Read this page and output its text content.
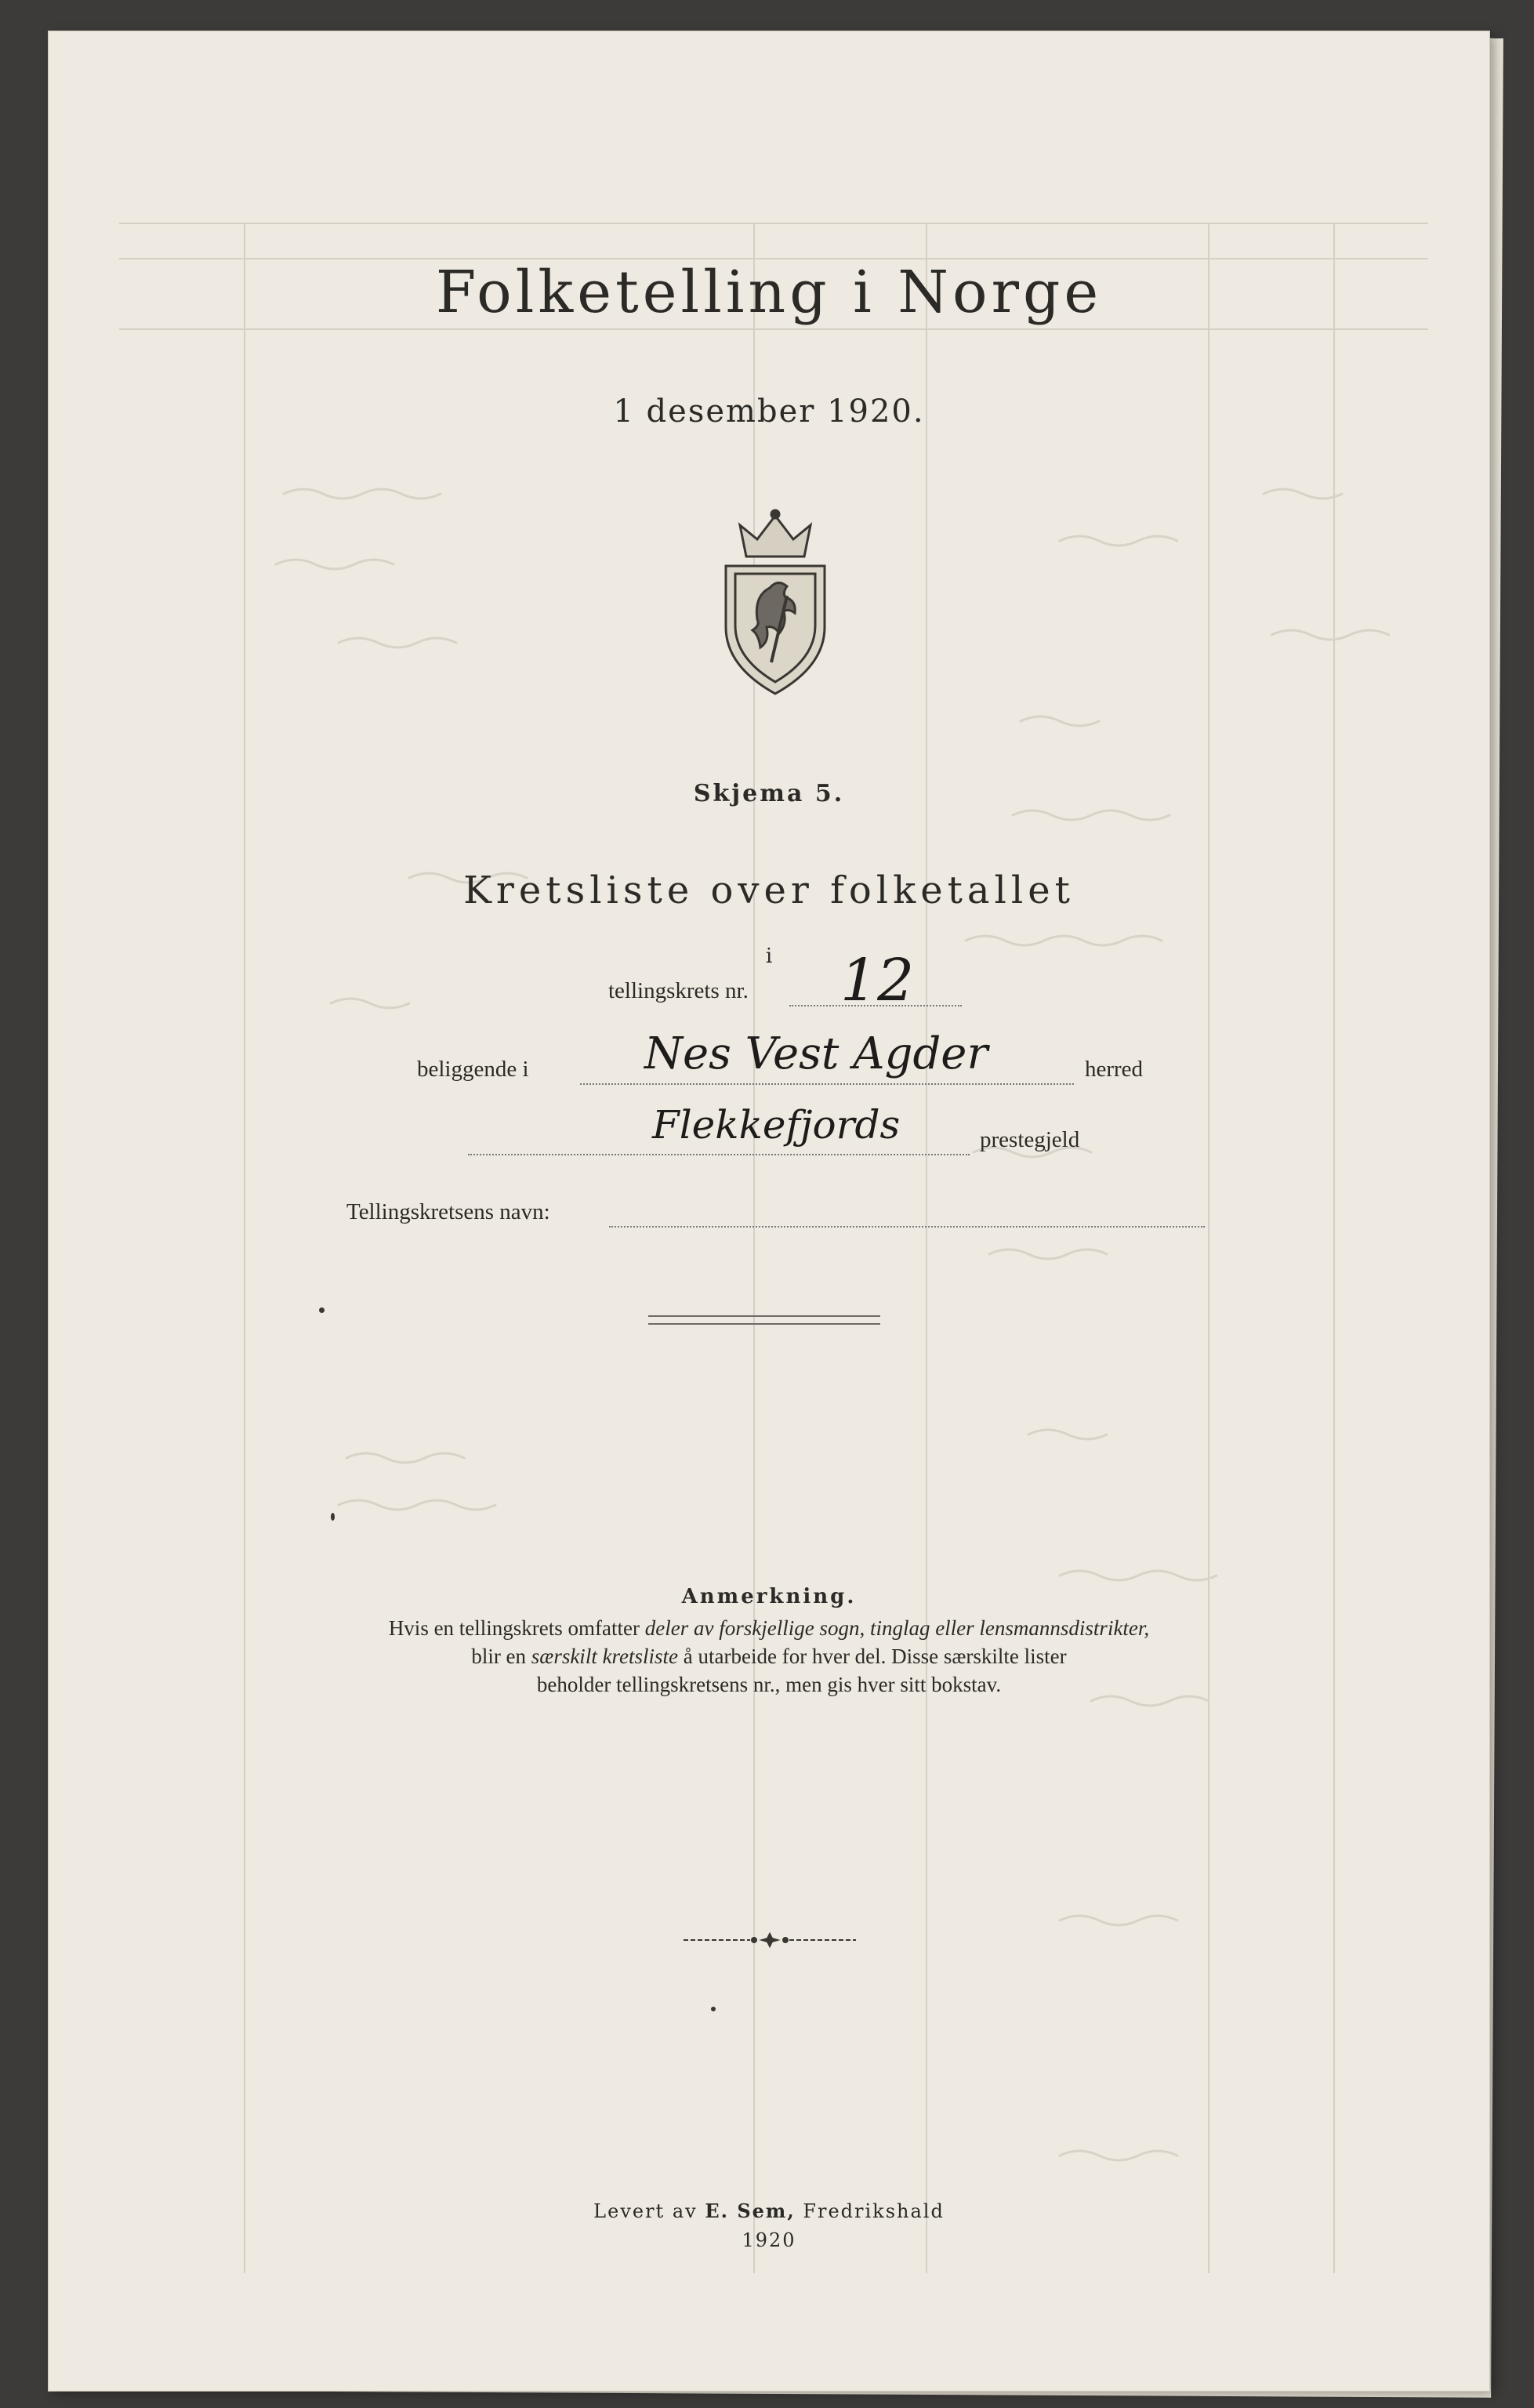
Folketelling i Norge
1 desember 1920.
Skjema 5.
Kretsliste over folketallet
i
tellingskrets nr. 12
beliggende i	Nes Vest Agder	herred
Flekkefjords	prestegjeld
Tellingskretsens navn:
Anmerkning.
Hvis en tellingskrets omfatter deler av forskjellige sogn, tinglag eller lensmannsdistrikter,
blir en særskilt kretsliste å utarbeide for hver del. Disse særskilte lister
beholder tellingskretsens nr., men gis hver sitt bokstav.
Levert av E. Sem, Fredrikshald
1920
